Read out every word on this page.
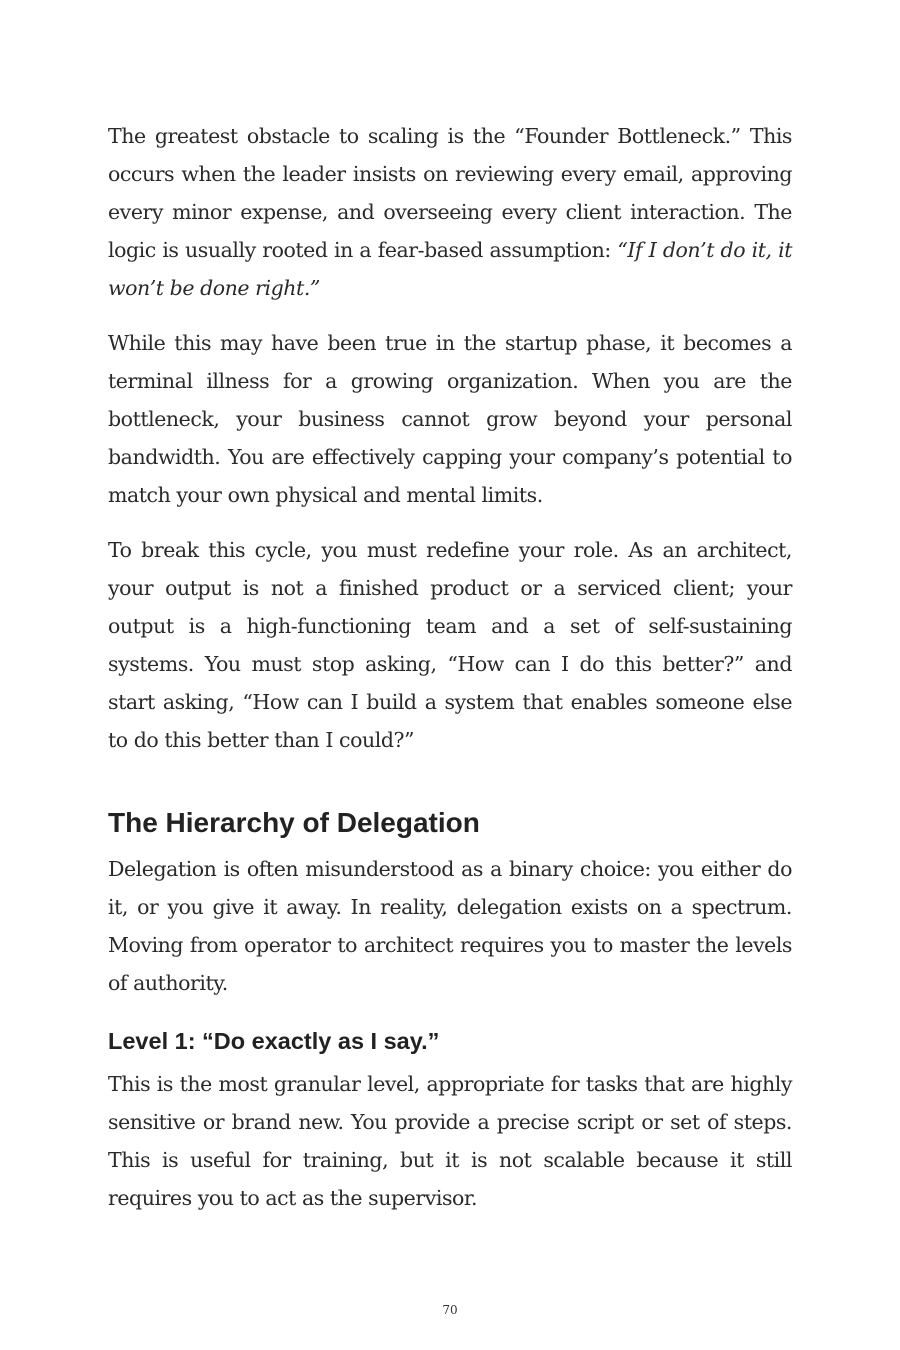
The greatest obstacle to scaling is the “Founder Bottleneck.” This occurs when the leader insists on reviewing every email, approving every minor expense, and overseeing every client interaction. The logic is usually rooted in a fear-based assumption: “If I don’t do it, it won’t be done right.”

While this may have been true in the startup phase, it becomes a terminal illness for a growing organization. When you are the bottleneck, your business cannot grow beyond your personal bandwidth. You are effectively capping your company’s potential to match your own physical and mental limits.

To break this cycle, you must redefine your role. As an architect, your output is not a finished product or a serviced client; your output is a high-functioning team and a set of self-sustaining systems. You must stop asking, “How can I do this better?” and start asking, “How can I build a system that enables someone else to do this better than I could?”

The Hierarchy of Delegation

Delegation is often misunderstood as a binary choice: you either do it, or you give it away. In reality, delegation exists on a spectrum. Moving from operator to architect requires you to master the levels of authority.

Level 1: “Do exactly as I say.”

This is the most granular level, appropriate for tasks that are highly sensitive or brand new. You provide a precise script or set of steps. This is useful for training, but it is not scalable because it still requires you to act as the supervisor.

70
